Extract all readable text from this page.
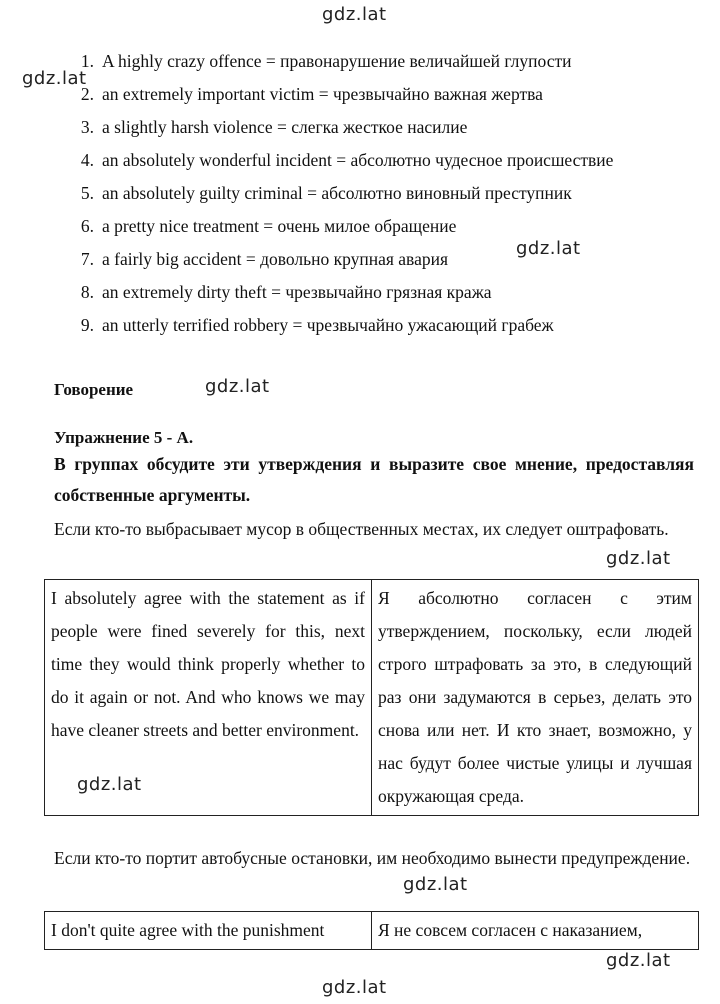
gdz.lat
gdz.lat
gdz.lat
gdz.lat
gdz.lat
gdz.lat
gdz.lat
gdz.lat
gdz.lat
1. A highly crazy offence = правонарушение величайшей глупости
2. an extremely important victim = чрезвычайно важная жертва
3. a slightly harsh violence = слегка жесткое насилие
4. an absolutely wonderful incident = абсолютно чудесное происшествие
5. an absolutely guilty criminal = абсолютно виновный преступник
6. a pretty nice treatment = очень милое обращение
7. a fairly big accident = довольно крупная авария
8. an extremely dirty theft = чрезвычайно грязная кража
9. an utterly terrified robbery = чрезвычайно ужасающий грабеж
Говорение
Упражнение 5 - А.
В группах обсудите эти утверждения и выразите свое мнение, предоставляя собственные аргументы.
Если кто-то выбрасывает мусор в общественных местах, их следует оштрафовать.
I absolutely agree with the statement as if people were fined severely for this, next time they would think properly whether to do it again or not. And who knows we may have cleaner streets and better environment.	Я абсолютно согласен с этим утверждением, поскольку, если людей строго штрафовать за это, в следующий раз они задумаются в серьез, делать это снова или нет. И кто знает, возможно, у нас будут более чистые улицы и лучшая окружающая среда.
Если кто-то портит автобусные остановки, им необходимо вынести предупреждение.
I don't quite agree with the punishment	Я не совсем согласен с наказанием,
